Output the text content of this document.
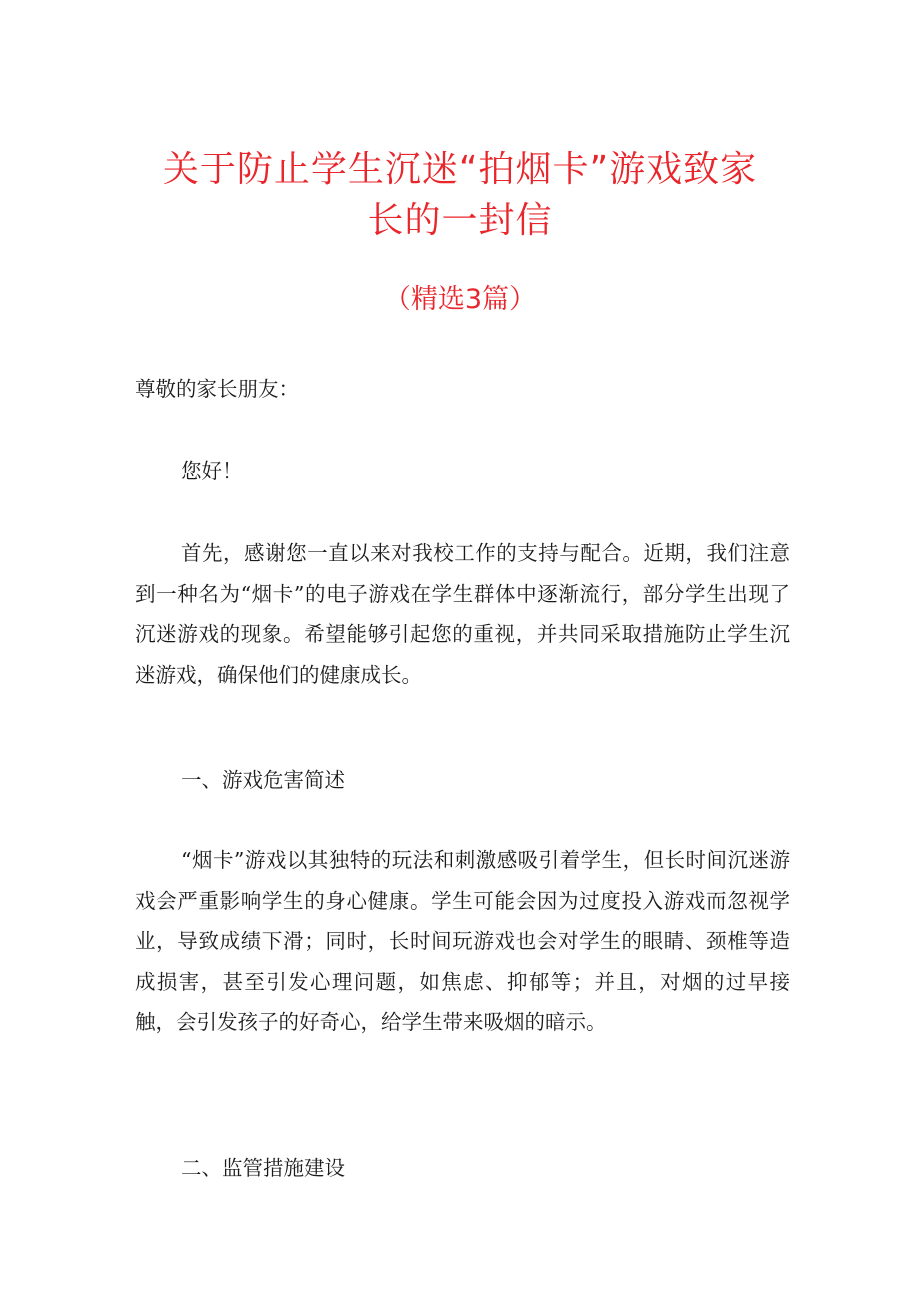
关于防止学生沉迷“拍烟卡”游戏致家
长的一封信
（精选3篇）

尊敬的家长朋友：

您好！

首先，感谢您一直以来对我校工作的支持与配合。近期，我们注意到一种名为“烟卡”的电子游戏在学生群体中逐渐流行，部分学生出现了沉迷游戏的现象。希望能够引起您的重视，并共同采取措施防止学生沉迷游戏，确保他们的健康成长。

一、游戏危害简述

“烟卡”游戏以其独特的玩法和刺激感吸引着学生，但长时间沉迷游戏会严重影响学生的身心健康。学生可能会因为过度投入游戏而忽视学业，导致成绩下滑；同时，长时间玩游戏也会对学生的眼睛、颈椎等造成损害，甚至引发心理问题，如焦虑、抑郁等；并且，对烟的过早接触，会引发孩子的好奇心，给学生带来吸烟的暗示。

二、监管措施建设
